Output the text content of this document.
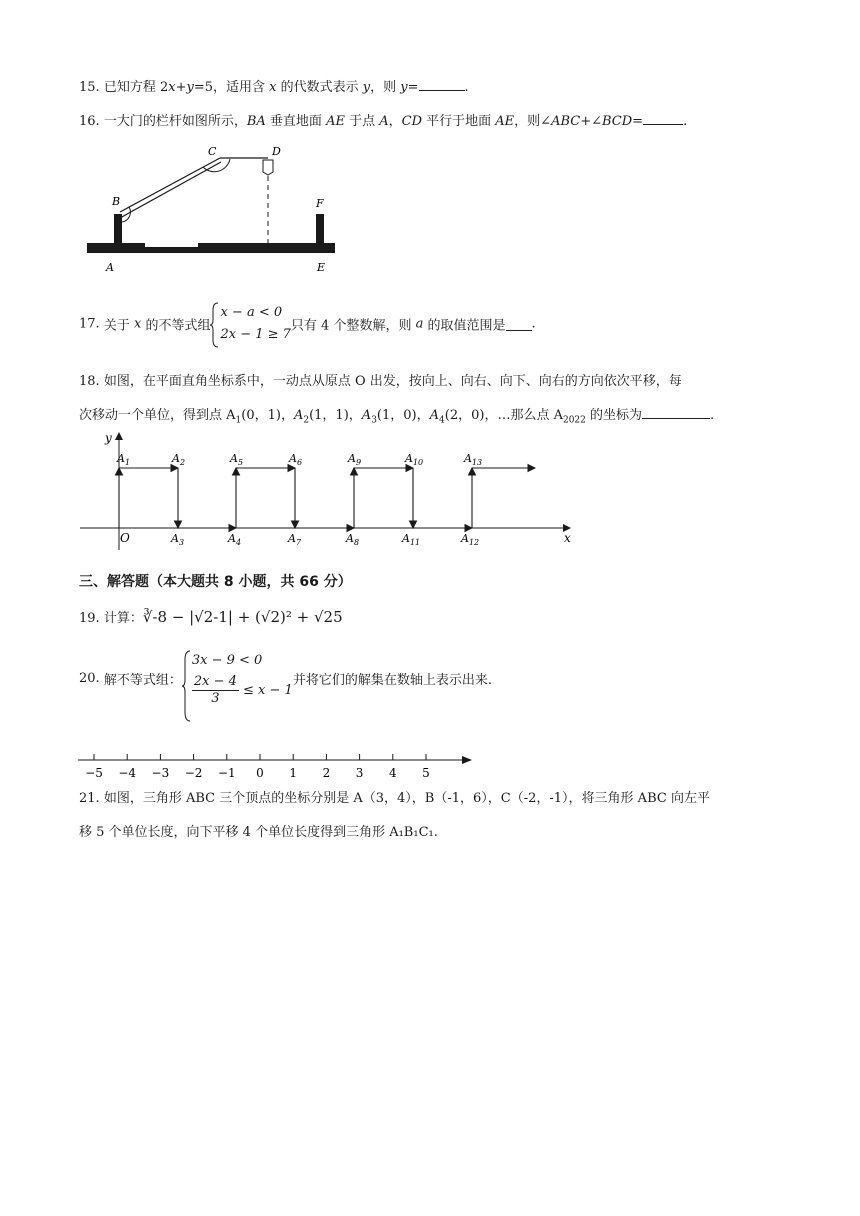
15. 已知方程 2x+y=5，适用含 x 的代数式表示 y，则 y=	.
16. 一大门的栏杆如图所示，BA 垂直地面 AE 于点 A，CD 平行于地面 AE，则∠ABC+∠BCD=	.
B
C	D
F
A	E
17. 关于 x 的不等式组
x − a < 0
2x − 1 ≥ 7
只有 4 个整数解，则 a 的取值范围是 .
18. 如图，在平面直角坐标系中，一动点从原点 O 出发，按向上、向右、向下、向右的方向依次平移，每
次移动一个单位，得到点 $A_1(0$，1)，$A_2(1$，1)，$A_3(1$，0)，$A_4(2$，0)，…那么点 $A_{2022}$ 的坐标为	.
y
x
O
$A_1$	$A_2$	$A_5$	$A_6$	$A_9$	$A_{10}$	$A_{13}$
$A_3$	$A_4$	$A_7$	$A_8$	$A_{11}$	$A_{12}$
三、解答题（本大题共 8 小题，共 66 分）
19. 计算：∛-8 − |√2-1| + (√2)² + √25
20. 解不等式组：
3x − 9 < 0
$\frac{2x - 4}{3} \le x - 1$
并将它们的解集在数轴上表示出来.
−5 −4 −3 −2 −1 0 1 2 3 4 5
21. 如图，三角形 ABC 三个顶点的坐标分别是 A（3，4），B（-1，6），C（-2，-1），将三角形 ABC 向左平
移 5 个单位长度，向下平移 4 个单位长度得到三角形 A₁B₁C₁.
